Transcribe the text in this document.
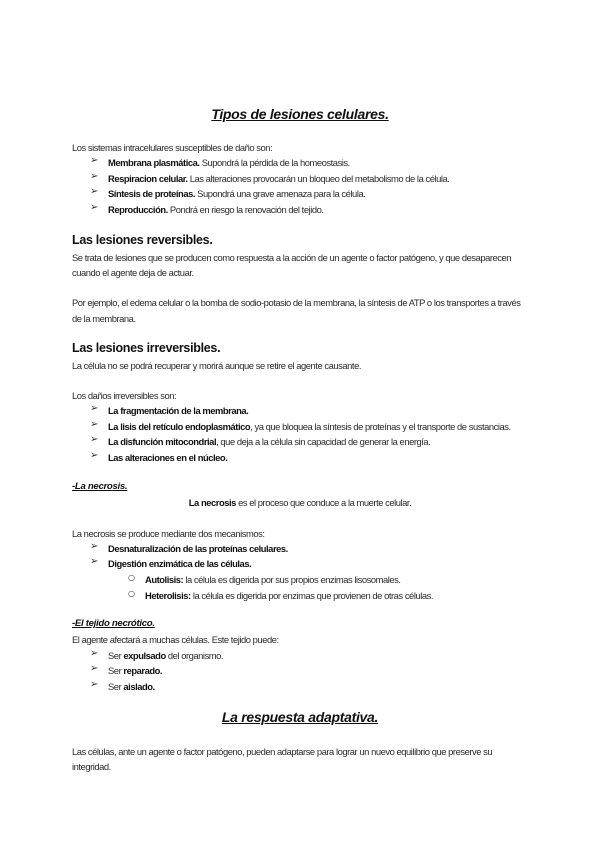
Tipos de lesiones celulares.
Los sistemas intracelulares susceptibles de daño son:
➢ Membrana plasmática. Supondrá la pérdida de la homeostasis.
➢ Respiracion celular. Las alteraciones provocarán un bloqueo del metabolismo de la célula.
➢ Síntesis de proteínas. Supondrá una grave amenaza para la célula.
➢ Reproducción. Pondrá en riesgo la renovación del tejido.
Las lesiones reversibles.
Se trata de lesiones que se producen como respuesta a la acción de un agente o factor patógeno, y que desaparecen
cuando el agente deja de actuar.
Por ejemplo, el edema celular o la bomba de sodio-potasio de la membrana, la síntesis de ATP o los transportes a través
de la membrana.
Las lesiones irreversibles.
La célula no se podrá recuperar y morirá aunque se retire el agente causante.
Los daños irreversibles son:
➢ La fragmentación de la membrana.
➢ La lisis del retículo endoplasmático, ya que bloquea la síntesis de proteínas y el transporte de sustancias.
➢ La disfunción mitocondrial, que deja a la célula sin capacidad de generar la energía.
➢ Las alteraciones en el núcleo.
-La necrosis.
La necrosis es el proceso que conduce a la muerte celular.
La necrosis se produce mediante dos mecanismos:
➢ Desnaturalización de las proteínas celulares.
➢ Digestión enzimática de las células.
○ Autolisis: la célula es digerida por sus propios enzimas lisosomales.
○ Heterolisis: la célula es digerida por enzimas que provienen de otras células.
-El tejido necrótico.
El agente afectará a muchas células. Este tejido puede:
➢ Ser expulsado del organismo.
➢ Ser reparado.
➢ Ser aislado.
La respuesta adaptativa.
Las células, ante un agente o factor patógeno, pueden adaptarse para lograr un nuevo equilibrio que preserve su
integridad.
